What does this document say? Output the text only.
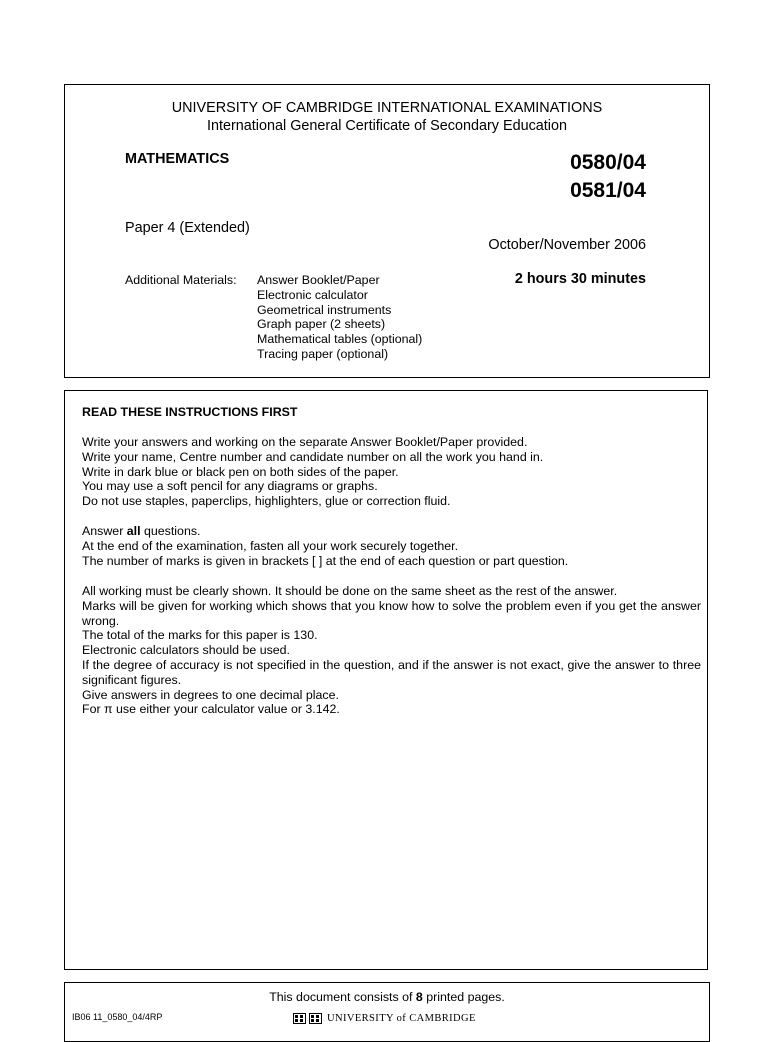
UNIVERSITY OF CAMBRIDGE INTERNATIONAL EXAMINATIONS
International General Certificate of Secondary Education
MATHEMATICS	0580/04
0581/04
Paper 4 (Extended)
October/November 2006
Additional Materials: Answer Booklet/Paper
Electronic calculator
Geometrical instruments
Graph paper (2 sheets)
Mathematical tables (optional)
Tracing paper (optional)
2 hours 30 minutes
READ THESE INSTRUCTIONS FIRST
Write your answers and working on the separate Answer Booklet/Paper provided.
Write your name, Centre number and candidate number on all the work you hand in.
Write in dark blue or black pen on both sides of the paper.
You may use a soft pencil for any diagrams or graphs.
Do not use staples, paperclips, highlighters, glue or correction fluid.
Answer all questions.
At the end of the examination, fasten all your work securely together.
The number of marks is given in brackets [ ] at the end of each question or part question.
All working must be clearly shown. It should be done on the same sheet as the rest of the answer.
Marks will be given for working which shows that you know how to solve the problem even if you get the answer wrong.
The total of the marks for this paper is 130.
Electronic calculators should be used.
If the degree of accuracy is not specified in the question, and if the answer is not exact, give the answer to three significant figures.
Give answers in degrees to one decimal place.
For π use either your calculator value or 3.142.
This document consists of 8 printed pages.
IB06 11_0580_04/4RP	UNIVERSITY of CAMBRIDGE
